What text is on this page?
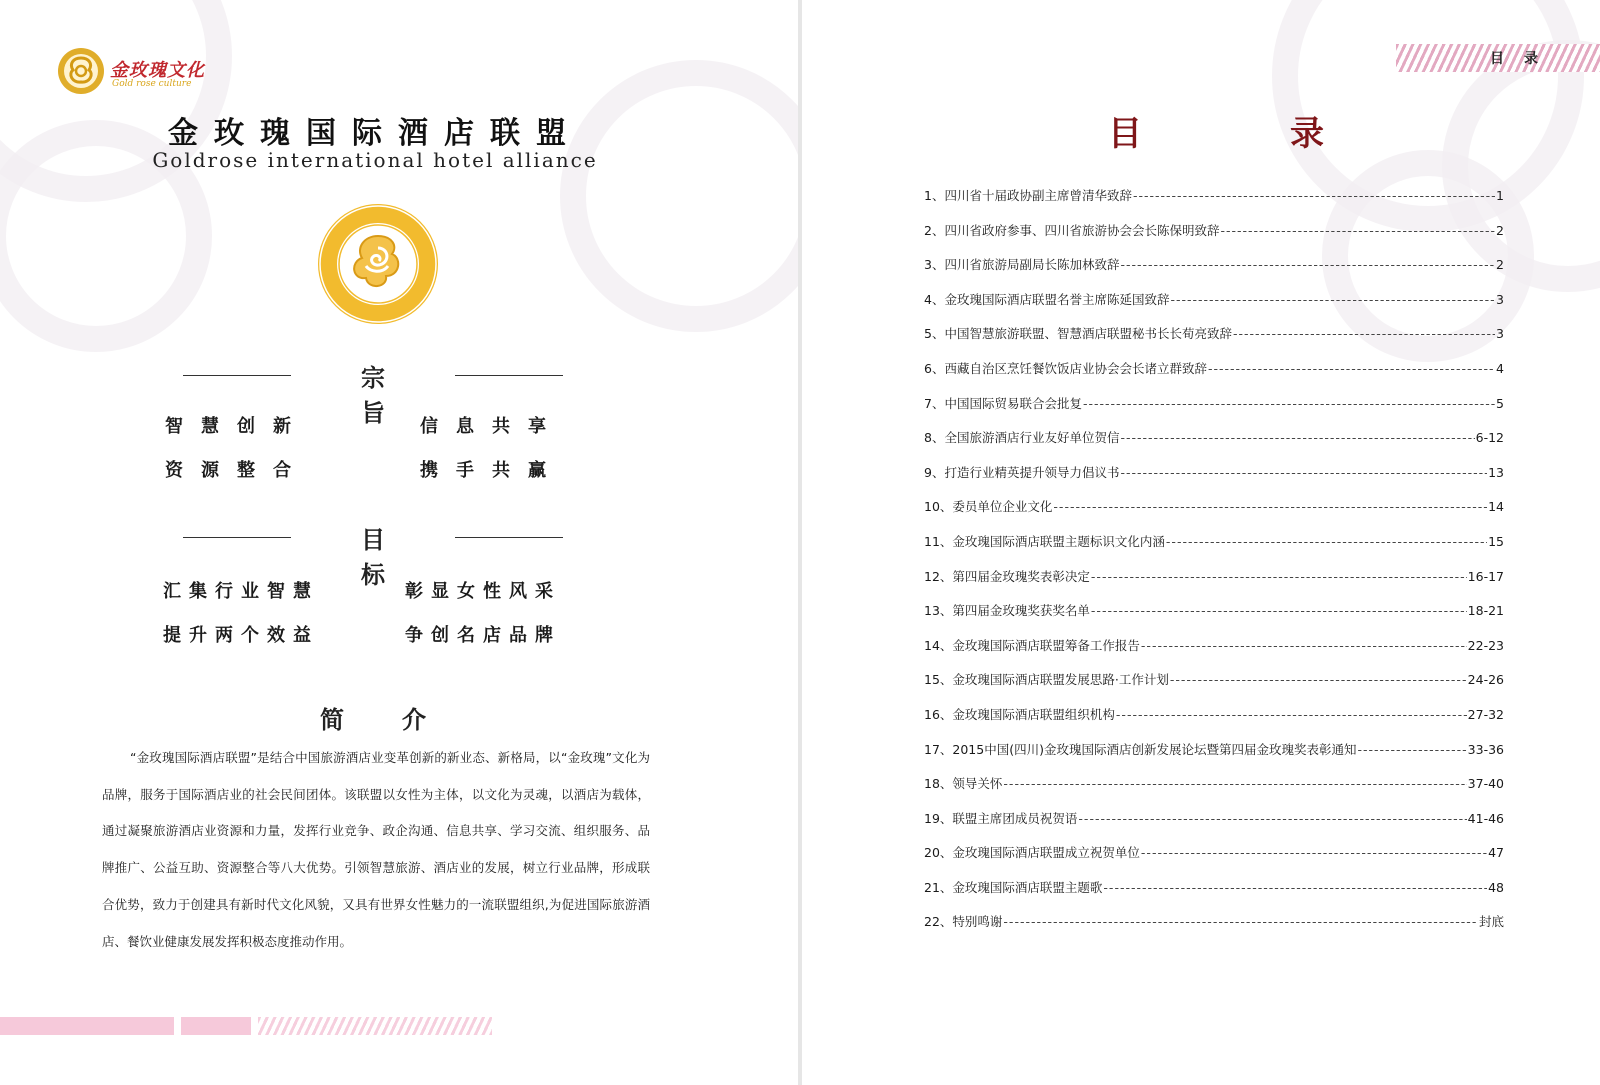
金玫瑰文化
Gold rose culture
金玫瑰国际酒店联盟
Goldrose international hotel alliance
宗旨
智慧创新	信息共享
资源整合	携手共赢
目标
汇集行业智慧	彰显女性风采
提升两个效益	争创名店品牌
简介

“金玫瑰国际酒店联盟”是结合中国旅游酒店业变革创新的新业态、新格局，以“金玫瑰”文化为品牌，服务于国际酒店业的社会民间团体。该联盟以女性为主体，以文化为灵魂，以酒店为载体，通过凝聚旅游酒店业资源和力量，发挥行业竞争、政企沟通、信息共享、学习交流、组织服务、品牌推广、公益互助、资源整合等八大优势。引领智慧旅游、酒店业的发展，树立行业品牌，形成联合优势，致力于创建具有新时代文化风貌，又具有世界女性魅力的一流联盟组织,为促进国际旅游酒店、餐饮业健康发展发挥积极态度推动作用。

目录
目录
1、 四川省十届政协副主席曾清华致辞 -----	1
2、 四川省政府参事、四川省旅游协会会长陈保明致辞 -----	2
3、 四川省旅游局副局长陈加林致辞 -----	2
4、 金玫瑰国际酒店联盟名誉主席陈延国致辞 -----	3
5、 中国智慧旅游联盟、智慧酒店联盟秘书长长荀亮致辞 -----	3
6、 西藏自治区烹饪餐饮饭店业协会会长诸立群致辞 -----	4
7、 中国国际贸易联合会批复 -----	5
8、 全国旅游酒店行业友好单位贺信 -----	6-12
9、 打造行业精英提升领导力倡议书 -----	13
10、 委员单位企业文化 -----	14
11、 金玫瑰国际酒店联盟主题标识文化内涵 -----	15
12、 第四届金玫瑰奖表彰决定 -----	16-17
13、 第四届金玫瑰奖获奖名单 -----	18-21
14、 金玫瑰国际酒店联盟筹备工作报告 -----	22-23
15、 金玫瑰国际酒店联盟发展思路·工作计划 -----	24-26
16、 金玫瑰国际酒店联盟组织机构 -----	27-32
17、 2015中国(四川)金玫瑰国际酒店创新发展论坛暨第四届金玫瑰奖表彰通知 -----	33-36
18、 领导关怀 -----	37-40
19、 联盟主席团成员祝贺语 -----	41-46
20、 金玫瑰国际酒店联盟成立祝贺单位 -----	47
21、 金玫瑰国际酒店联盟主题歌 -----	48
22、 特别鸣谢 -----	封底
